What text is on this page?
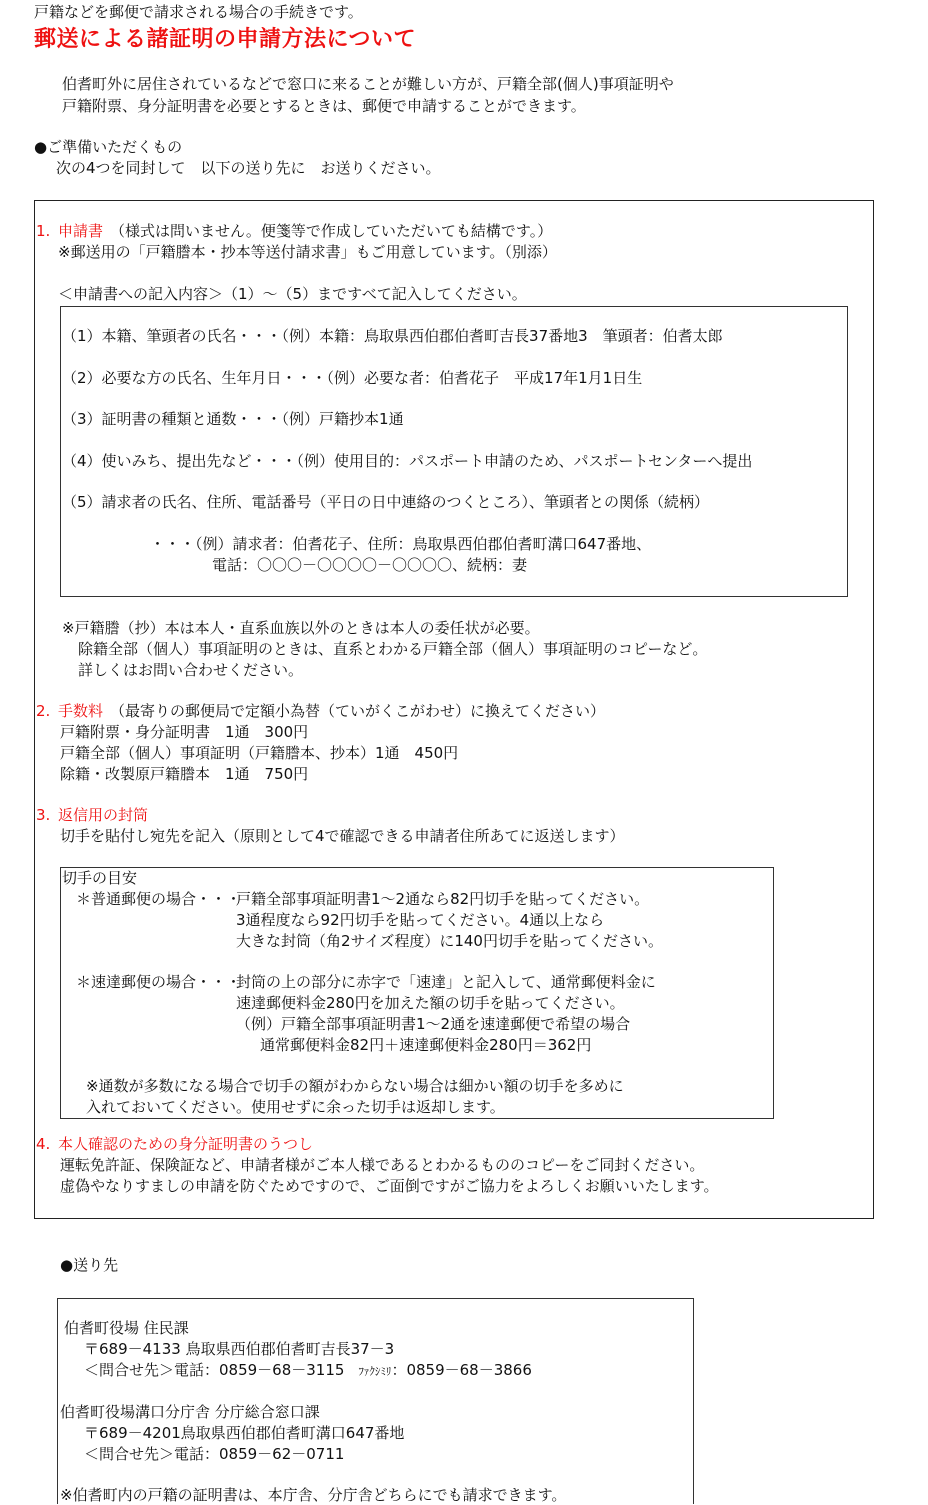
戸籍などを郵便で請求される場合の手続きです。
郵送による諸証明の申請方法について
伯耆町外に居住されているなどで窓口に来ることが難しい方が、戸籍全部(個人)事項証明や
戸籍附票、身分証明書を必要とするときは、郵便で申請することができます。
●ご準備いただくもの
次の4つを同封して　以下の送り先に　お送りください。
1. 申請書 （様式は問いません。便箋等で作成していただいても結構です。）
※郵送用の「戸籍謄本・抄本等送付請求書」もご用意しています。（別添）
＜申請書への記入内容＞（1）～（5）まですべて記入してください。
（1）本籍、筆頭者の氏名・・・（例）本籍：鳥取県西伯郡伯耆町吉長37番地3　筆頭者：伯耆太郎
（2）必要な方の氏名、生年月日・・・（例）必要な者：伯耆花子　平成17年1月1日生
（3）証明書の種類と通数・・・（例）戸籍抄本1通
（4）使いみち、提出先など・・・（例）使用目的：パスポート申請のため、パスポートセンターへ提出
（5）請求者の氏名、住所、電話番号（平日の日中連絡のつくところ）、筆頭者との関係（続柄）
・・・（例）請求者：伯耆花子、住所：鳥取県西伯郡伯耆町溝口647番地、
電話：〇〇〇－〇〇〇〇－〇〇〇〇、続柄：妻
※戸籍謄（抄）本は本人・直系血族以外のときは本人の委任状が必要。
除籍全部（個人）事項証明のときは、直系とわかる戸籍全部（個人）事項証明のコピーなど。
詳しくはお問い合わせください。
2. 手数料 （最寄りの郵便局で定額小為替（ていがくこがわせ）に換えてください）
戸籍附票・身分証明書　1通　300円
戸籍全部（個人）事項証明（戸籍謄本、抄本）1通　450円
除籍・改製原戸籍謄本　1通　750円
3. 返信用の封筒
切手を貼付し宛先を記入（原則として4で確認できる申請者住所あてに返送します）
切手の目安
＊普通郵便の場合・・・
戸籍全部事項証明書1～2通なら82円切手を貼ってください。
3通程度なら92円切手を貼ってください。4通以上なら
大きな封筒（角2サイズ程度）に140円切手を貼ってください。
＊速達郵便の場合・・・
封筒の上の部分に赤字で「速達」と記入して、通常郵便料金に
速達郵便料金280円を加えた額の切手を貼ってください。
（例）戸籍全部事項証明書1～2通を速達郵便で希望の場合
通常郵便料金82円＋速達郵便料金280円＝362円
※通数が多数になる場合で切手の額がわからない場合は細かい額の切手を多めに
入れておいてください。使用せずに余った切手は返却します。
4. 本人確認のための身分証明書のうつし
運転免許証、保険証など、申請者様がご本人様であるとわかるもののコピーをご同封ください。
虚偽やなりすましの申請を防ぐためですので、ご面倒ですがご協力をよろしくお願いいたします。
●送り先
伯耆町役場 住民課
〒689－4133 鳥取県西伯郡伯耆町吉長37－3
＜問合せ先＞電話：0859－68－3115 ﾌｧｸｼﾐﾘ：0859－68－3866
伯耆町役場溝口分庁舎 分庁総合窓口課
〒689－4201鳥取県西伯郡伯耆町溝口647番地
＜問合せ先＞電話：0859－62－0711
※伯耆町内の戸籍の証明書は、本庁舎、分庁舎どちらにでも請求できます。
